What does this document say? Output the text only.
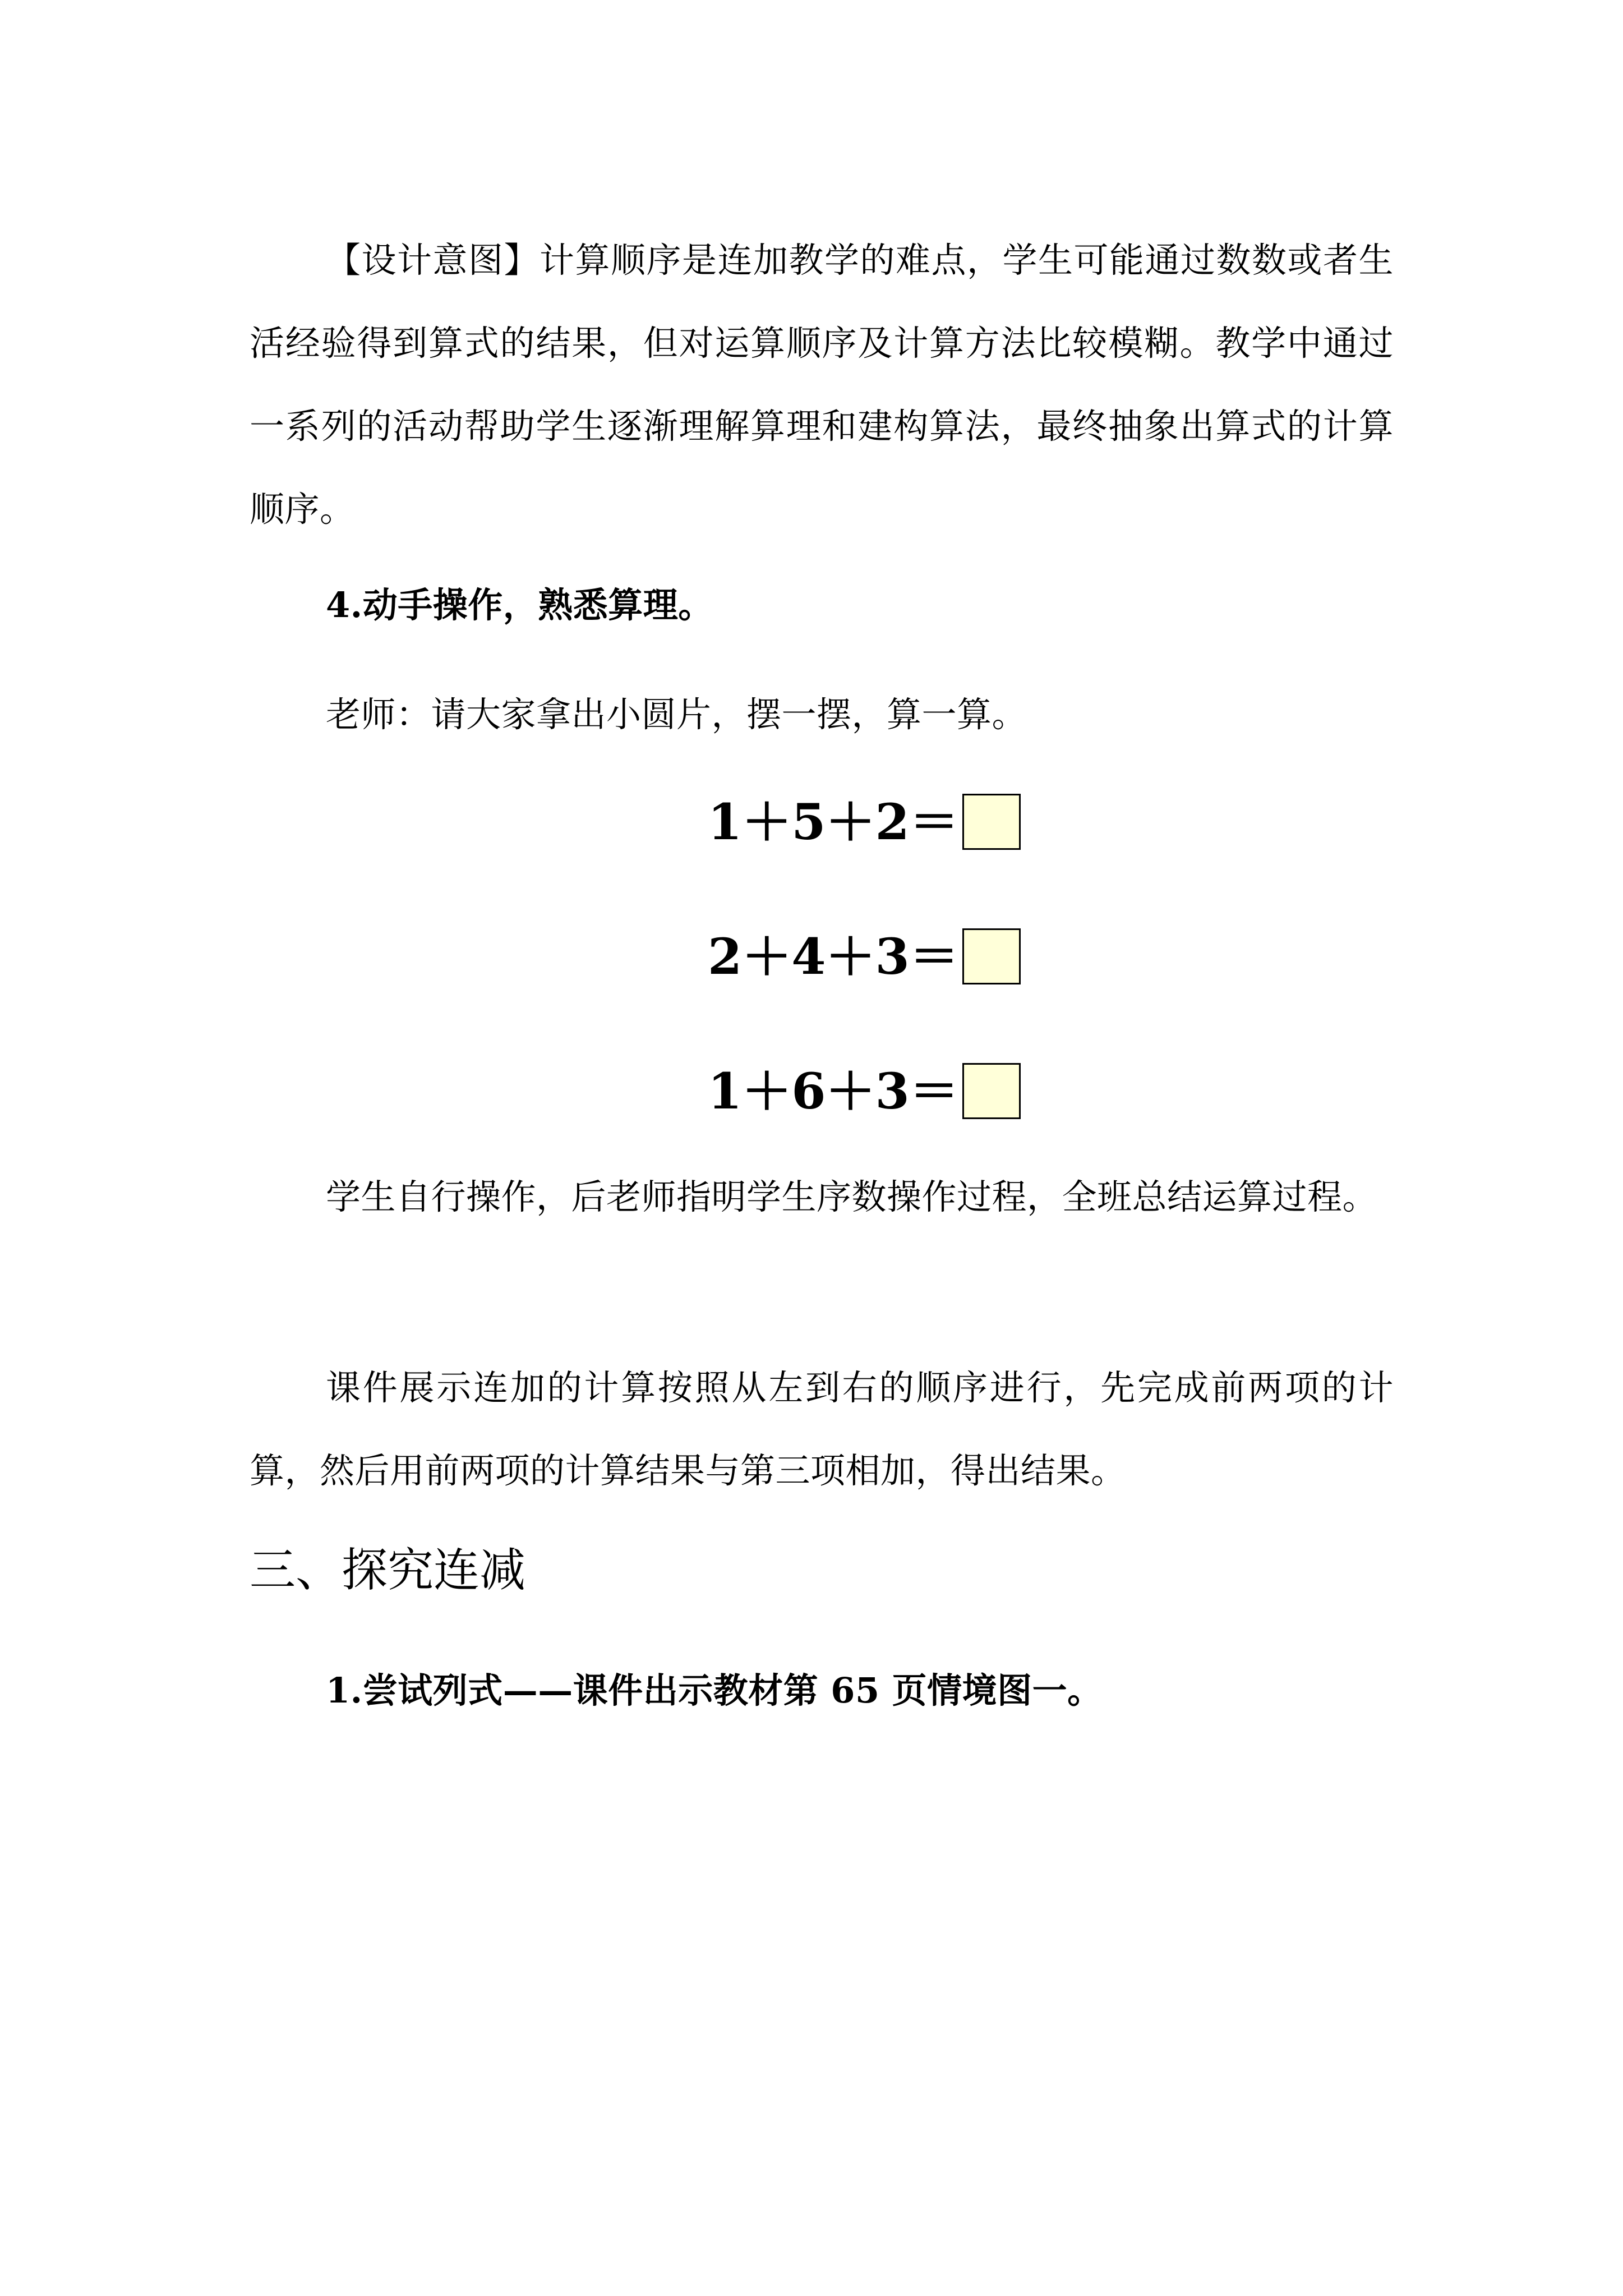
【设计意图】计算顺序是连加教学的难点，学生可能通过数数或者生活经验得到算式的结果，但对运算顺序及计算方法比较模糊。教学中通过一系列的活动帮助学生逐渐理解算理和建构算法，最终抽象出算式的计算顺序。

4.动手操作，熟悉算理。

老师：请大家拿出小圆片，摆一摆，算一算。

1＋5＋2＝
2＋4＋3＝
1＋6＋3＝

学生自行操作，后老师指明学生序数操作过程，全班总结运算过程。

课件展示连加的计算按照从左到右的顺序进行，先完成前两项的计算，然后用前两项的计算结果与第三项相加，得出结果。

三、探究连减

1.尝试列式——课件出示教材第 65 页情境图一。
